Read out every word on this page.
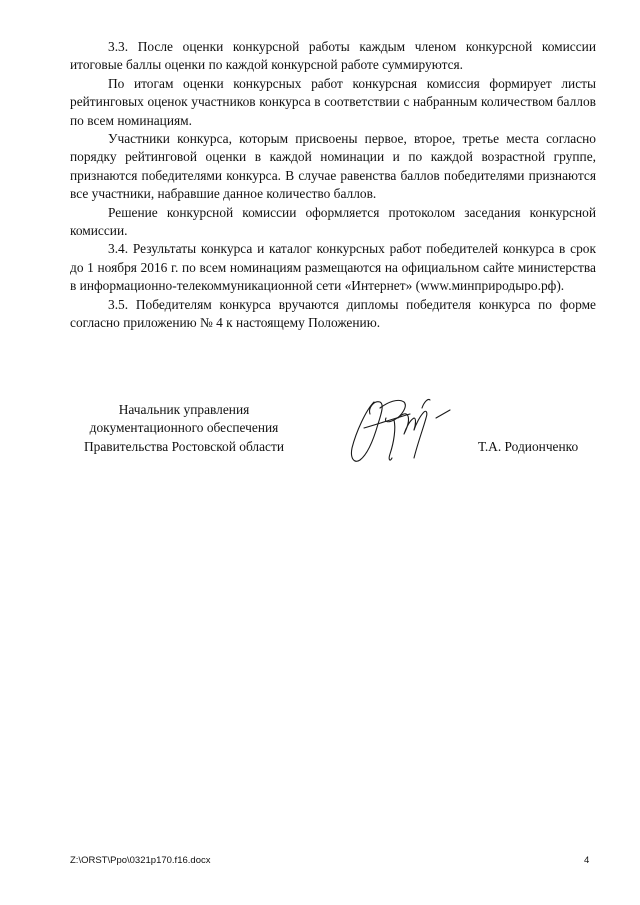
3.3. После оценки конкурсной работы каждым членом конкурсной комиссии итоговые баллы оценки по каждой конкурсной работе суммируются.

По итогам оценки конкурсных работ конкурсная комиссия формирует листы рейтинговых оценок участников конкурса в соответствии с набранным количеством баллов по всем номинациям.

Участники конкурса, которым присвоены первое, второе, третье места согласно порядку рейтинговой оценки в каждой номинации и по каждой возрастной группе, признаются победителями конкурса. В случае равенства баллов победителями признаются все участники, набравшие данное количество баллов.

Решение конкурсной комиссии оформляется протоколом заседания конкурсной комиссии.

3.4. Результаты конкурса и каталог конкурсных работ победителей конкурса в срок до 1 ноября 2016 г. по всем номинациям размещаются на официальном сайте министерства в информационно-телекоммуникационной сети «Интернет» (www.минприродыро.рф).

3.5. Победителям конкурса вручаются дипломы победителя конкурса по форме согласно приложению № 4 к настоящему Положению.

Начальник управления
документационного обеспечения
Правительства Ростовской области	Т.А. Родионченко
Z:\ORST\Ppo\0321p170.f16.docx	4
